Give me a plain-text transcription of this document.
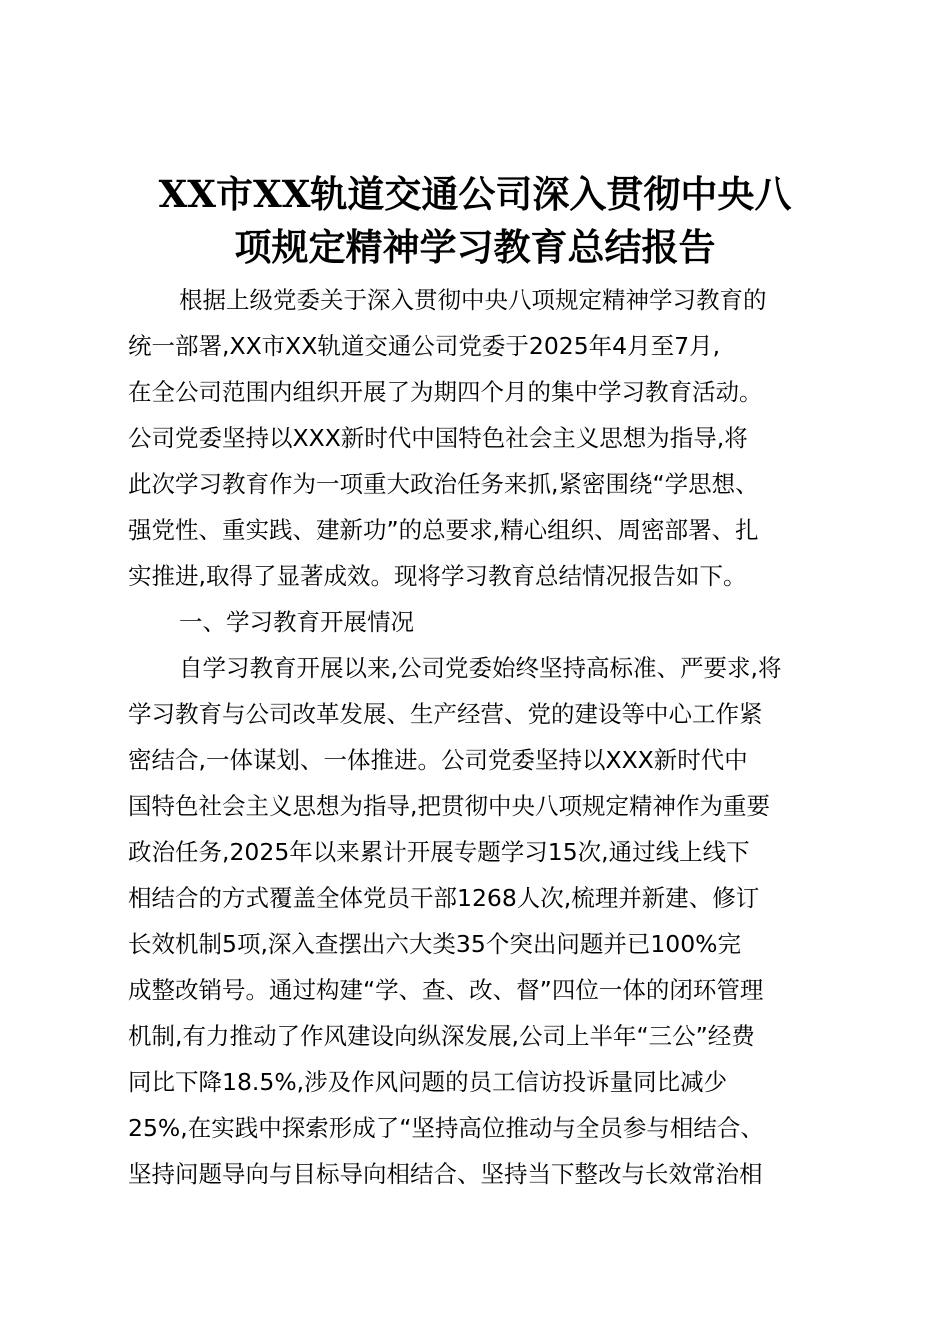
XX市XX轨道交通公司深入贯彻中央八
项规定精神学习教育总结报告
根据上级党委关于深入贯彻中央八项规定精神学习教育的
统一部署,XX市XX轨道交通公司党委于2025年4月至7月,
在全公司范围内组织开展了为期四个月的集中学习教育活动。
公司党委坚持以XXX新时代中国特色社会主义思想为指导,将
此次学习教育作为一项重大政治任务来抓,紧密围绕“学思想、
强党性、重实践、建新功”的总要求,精心组织、周密部署、扎
实推进,取得了显著成效。现将学习教育总结情况报告如下。
一、学习教育开展情况
自学习教育开展以来,公司党委始终坚持高标准、严要求,将
学习教育与公司改革发展、生产经营、党的建设等中心工作紧
密结合,一体谋划、一体推进。公司党委坚持以XXX新时代中
国特色社会主义思想为指导,把贯彻中央八项规定精神作为重要
政治任务,2025年以来累计开展专题学习15次,通过线上线下
相结合的方式覆盖全体党员干部1268人次,梳理并新建、修订
长效机制5项,深入查摆出六大类35个突出问题并已100%完
成整改销号。通过构建“学、查、改、督”四位一体的闭环管理
机制,有力推动了作风建设向纵深发展,公司上半年“三公”经费
同比下降18.5%,涉及作风问题的员工信访投诉量同比减少
25%,在实践中探索形成了“坚持高位推动与全员参与相结合、
坚持问题导向与目标导向相结合、坚持当下整改与长效常治相
